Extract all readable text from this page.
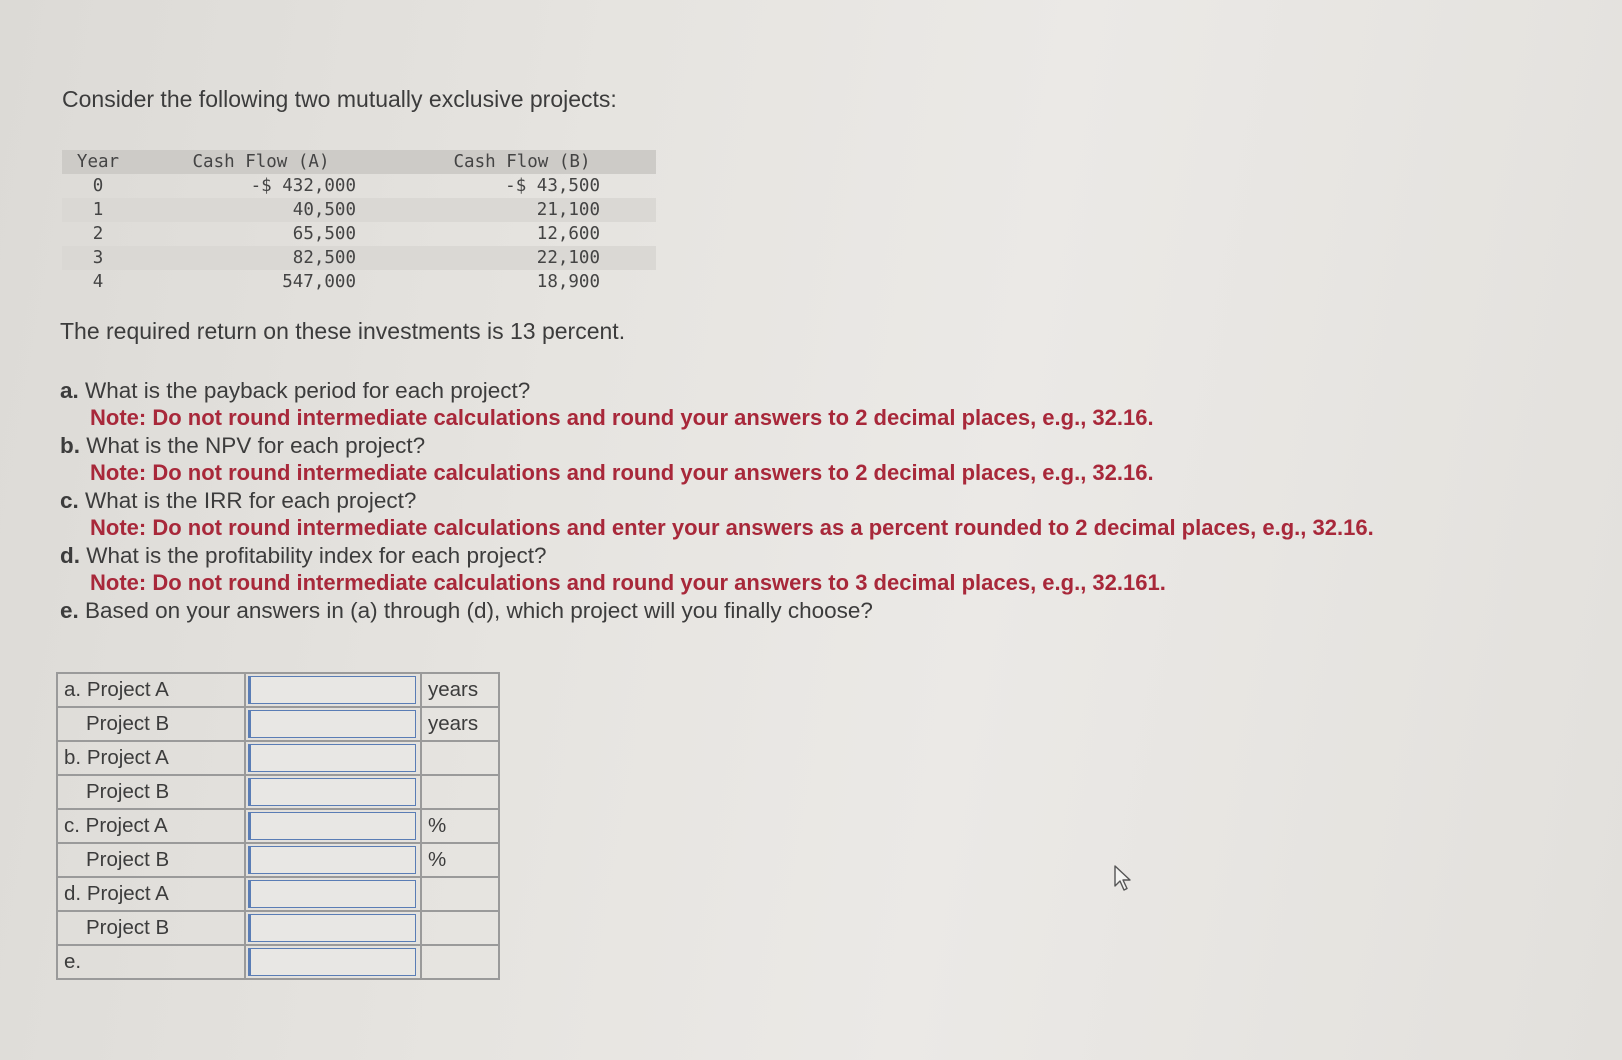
Consider the following two mutually exclusive projects:
Year	Cash Flow (A)	Cash Flow (B)
0	-$ 432,000	-$ 43,500
1	40,500	21,100
2	65,500	12,600
3	82,500	22,100
4	547,000	18,900
The required return on these investments is 13 percent.

a. What is the payback period for each project?

Note: Do not round intermediate calculations and round your answers to 2 decimal places, e.g., 32.16.

b. What is the NPV for each project?

Note: Do not round intermediate calculations and round your answers to 2 decimal places, e.g., 32.16.

c. What is the IRR for each project?

Note: Do not round intermediate calculations and enter your answers as a percent rounded to 2 decimal places, e.g., 32.16.

d. What is the profitability index for each project?

Note: Do not round intermediate calculations and round your answers to 3 decimal places, e.g., 32.161.

e. Based on your answers in (a) through (d), which project will you finally choose?

a. Project A		years
Project B		years
b. Project A	

Project B	

c. Project A		%
Project B		%
d. Project A	

Project B	

e.	
